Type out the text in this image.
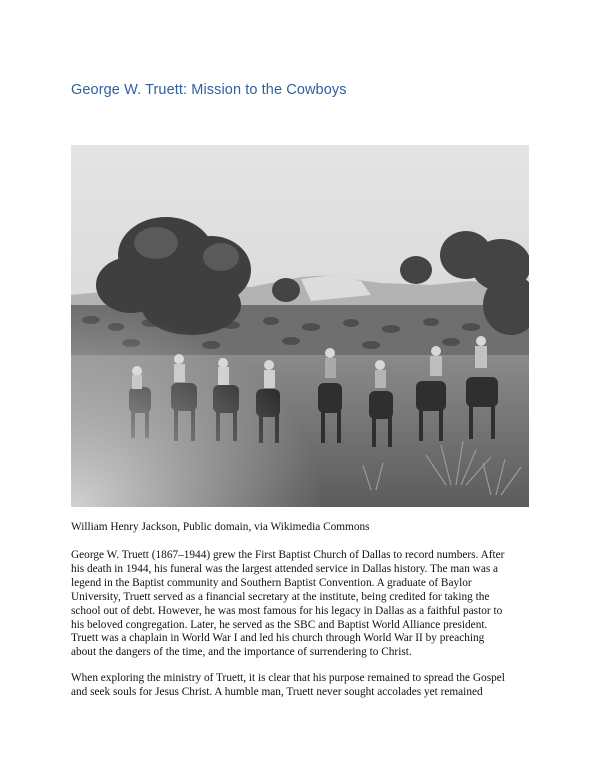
George W. Truett: Mission to the Cowboys
William Henry Jackson, Public domain, via Wikimedia Commons
George W. Truett (1867–1944) grew the First Baptist Church of Dallas to record numbers. After
his death in 1944, his funeral was the largest attended service in Dallas history. The man was a
legend in the Baptist community and Southern Baptist Convention. A graduate of Baylor
University, Truett served as a financial secretary at the institute, being credited for taking the
school out of debt. However, he was most famous for his legacy in Dallas as a faithful pastor to
his beloved congregation. Later, he served as the SBC and Baptist World Alliance president.
Truett was a chaplain in World War I and led his church through World War II by preaching
about the dangers of the time, and the importance of surrendering to Christ.
When exploring the ministry of Truett, it is clear that his purpose remained to spread the Gospel
and seek souls for Jesus Christ. A humble man, Truett never sought accolades yet remained
